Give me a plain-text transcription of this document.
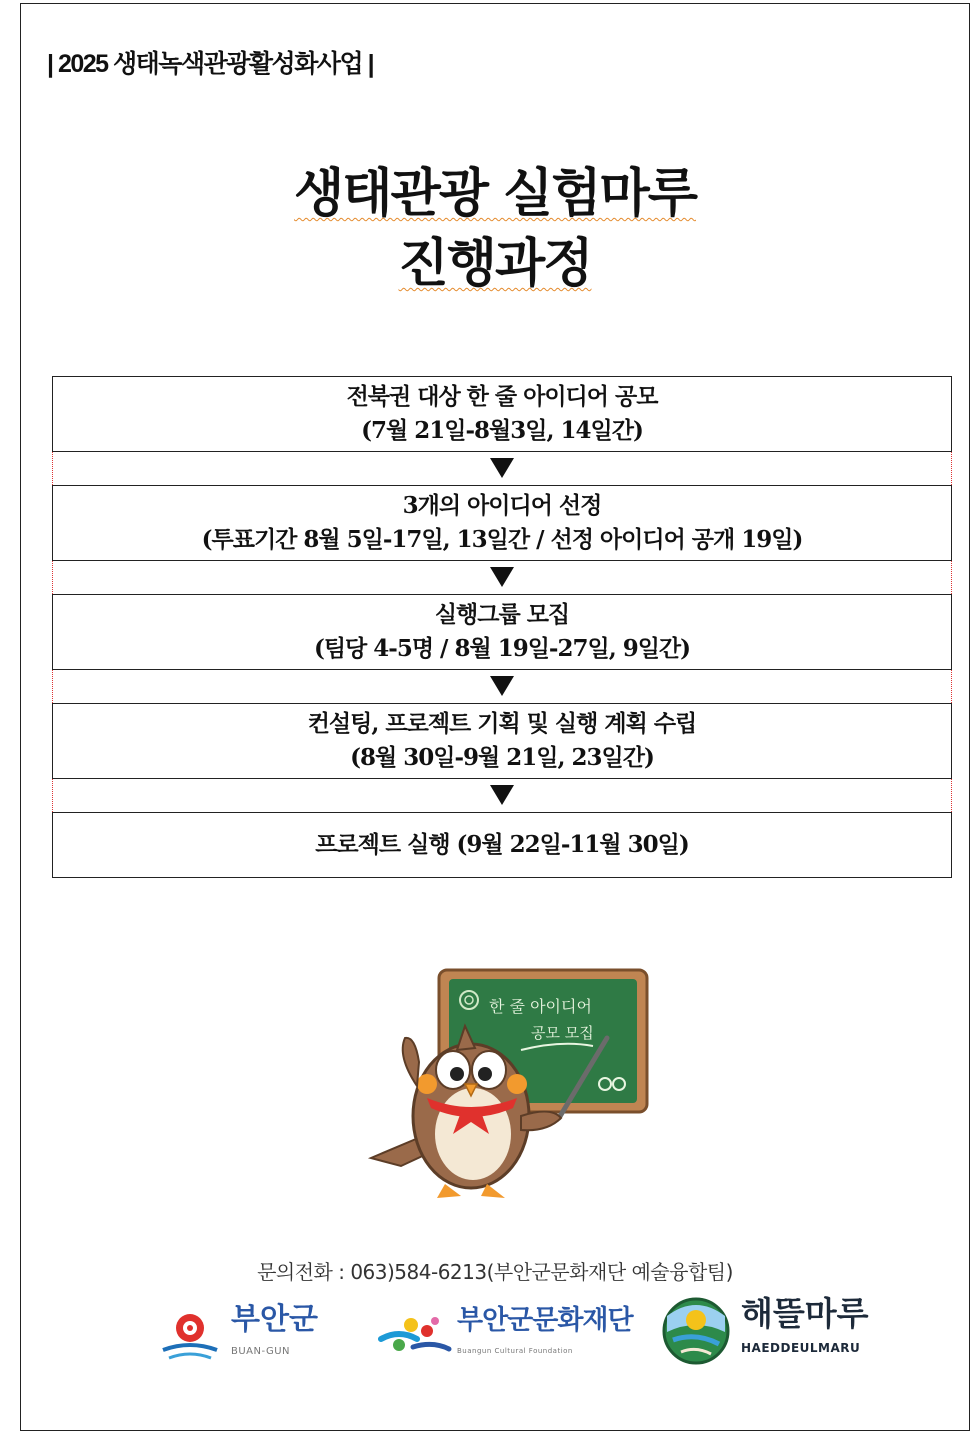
| 2025 생태녹색관광활성화사업 |
생태관광 실험마루
진행과정
전북권 대상 한 줄 아이디어 공모
(7월 21일-8월3일, 14일간)
3개의 아이디어 선정
(투표기간 8월 5일-17일, 13일간 / 선정 아이디어 공개 19일)
실행그룹 모집
(팀당 4-5명 / 8월 19일-27일, 9일간)
컨설팅, 프로젝트 기획 및 실행 계획 수립
(8월 30일-9월 21일, 23일간)
프로젝트 실행 (9월 22일-11월 30일)
한 줄 아이디어
공모 모집
문의전화 : 063)584-6213(부안군문화재단 예술융합팀)
부안군
BUAN-GUN
부안군문화재단
Buangun Cultural Foundation
해뜰마루
HAEDDEULMARU
